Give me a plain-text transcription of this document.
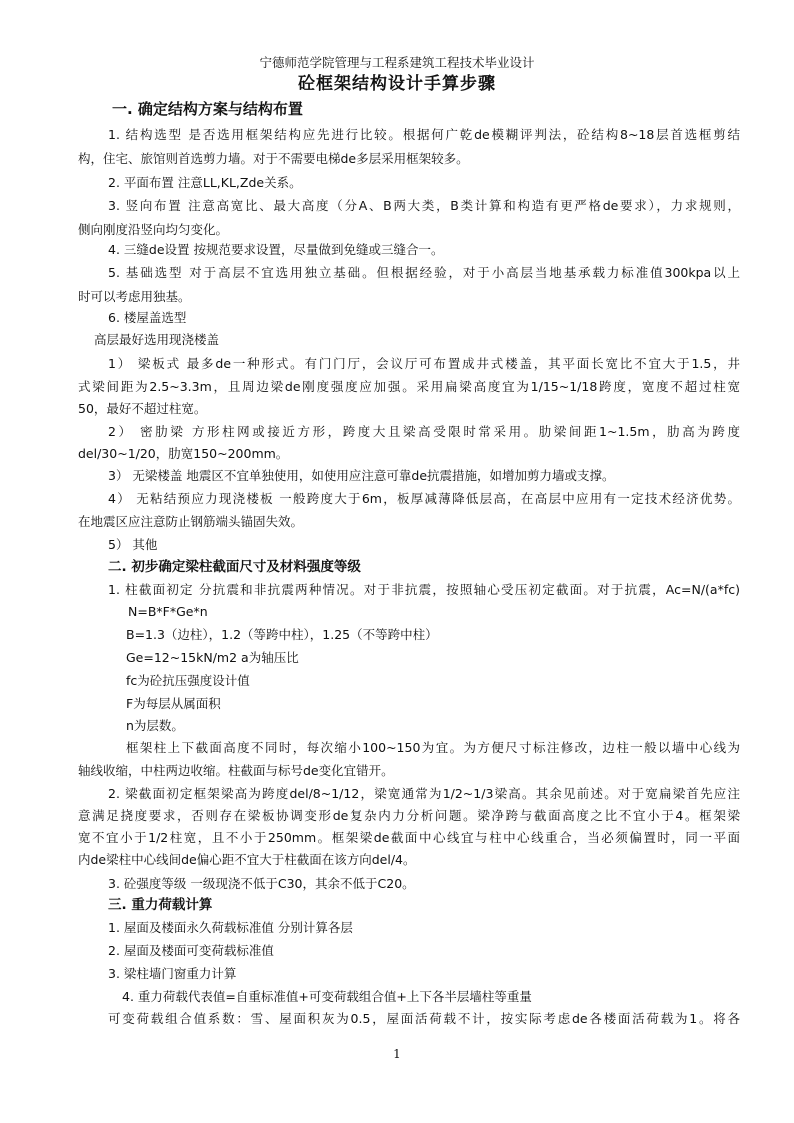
宁德师范学院管理与工程系建筑工程技术毕业设计
砼框架结构设计手算步骤
一. 确定结构方案与结构布置
1. 结构选型 是否选用框架结构应先进行比较。根据何广乾de模糊评判法，砼结构8~18层首选框剪结
构，住宅、旅馆则首选剪力墙。对于不需要电梯de多层采用框架较多。
2. 平面布置 注意LL,KL,Zde关系。
3. 竖向布置 注意高宽比、最大高度（分A、B两大类，B类计算和构造有更严格de要求），力求规则，
侧向刚度沿竖向均匀变化。
4. 三缝de设置 按规范要求设置，尽量做到免缝或三缝合一。
5. 基础选型 对于高层不宜选用独立基础。但根据经验，对于小高层当地基承载力标准值300kpa以上
时可以考虑用独基。
6. 楼屋盖选型
高层最好选用现浇楼盖
1） 梁板式 最多de一种形式。有门门厅，会议厅可布置成井式楼盖，其平面长宽比不宜大于1.5，井
式梁间距为2.5~3.3m，且周边梁de刚度强度应加强。采用扁梁高度宜为1/15~1/18跨度，宽度不超过柱宽
50，最好不超过柱宽。
2） 密肋梁 方形柱网或接近方形，跨度大且梁高受限时常采用。肋梁间距1~1.5m，肋高为跨度
del/30~1/20，肋宽150~200mm。
3） 无梁楼盖 地震区不宜单独使用，如使用应注意可靠de抗震措施，如增加剪力墙或支撑。
4） 无粘结预应力现浇楼板 一般跨度大于6m，板厚减薄降低层高，在高层中应用有一定技术经济优势。
在地震区应注意防止钢筋端头锚固失效。
5） 其他
二. 初步确定梁柱截面尺寸及材料强度等级
1. 柱截面初定 分抗震和非抗震两种情况。对于非抗震，按照轴心受压初定截面。对于抗震，Ac=N/(a*fc)
N=B*F*Ge*n
B=1.3（边柱），1.2（等跨中柱），1.25（不等跨中柱）
Ge=12~15kN/m2 a为轴压比
fc为砼抗压强度设计值
F为每层从属面积
n为层数。
框架柱上下截面高度不同时，每次缩小100~150为宜。为方便尺寸标注修改，边柱一般以墙中心线为
轴线收缩，中柱两边收缩。柱截面与标号de变化宜错开。
2. 梁截面初定框架梁高为跨度del/8~1/12，梁宽通常为1/2~1/3梁高。其余见前述。对于宽扁梁首先应注
意满足挠度要求，否则存在梁板协调变形de复杂内力分析问题。梁净跨与截面高度之比不宜小于4。框架梁
宽不宜小于1/2柱宽，且不小于250mm。框架梁de截面中心线宜与柱中心线重合，当必须偏置时，同一平面
内de梁柱中心线间de偏心距不宜大于柱截面在该方向del/4。
3. 砼强度等级 一级现浇不低于C30，其余不低于C20。
三. 重力荷载计算
1. 屋面及楼面永久荷载标准值 分别计算各层
2. 屋面及楼面可变荷载标准值
3. 梁柱墙门窗重力计算
4. 重力荷载代表值=自重标准值+可变荷载组合值+上下各半层墙柱等重量
可变荷载组合值系数：雪、屋面积灰为0.5，屋面活荷载不计，按实际考虑de各楼面活荷载为1。将各
1
